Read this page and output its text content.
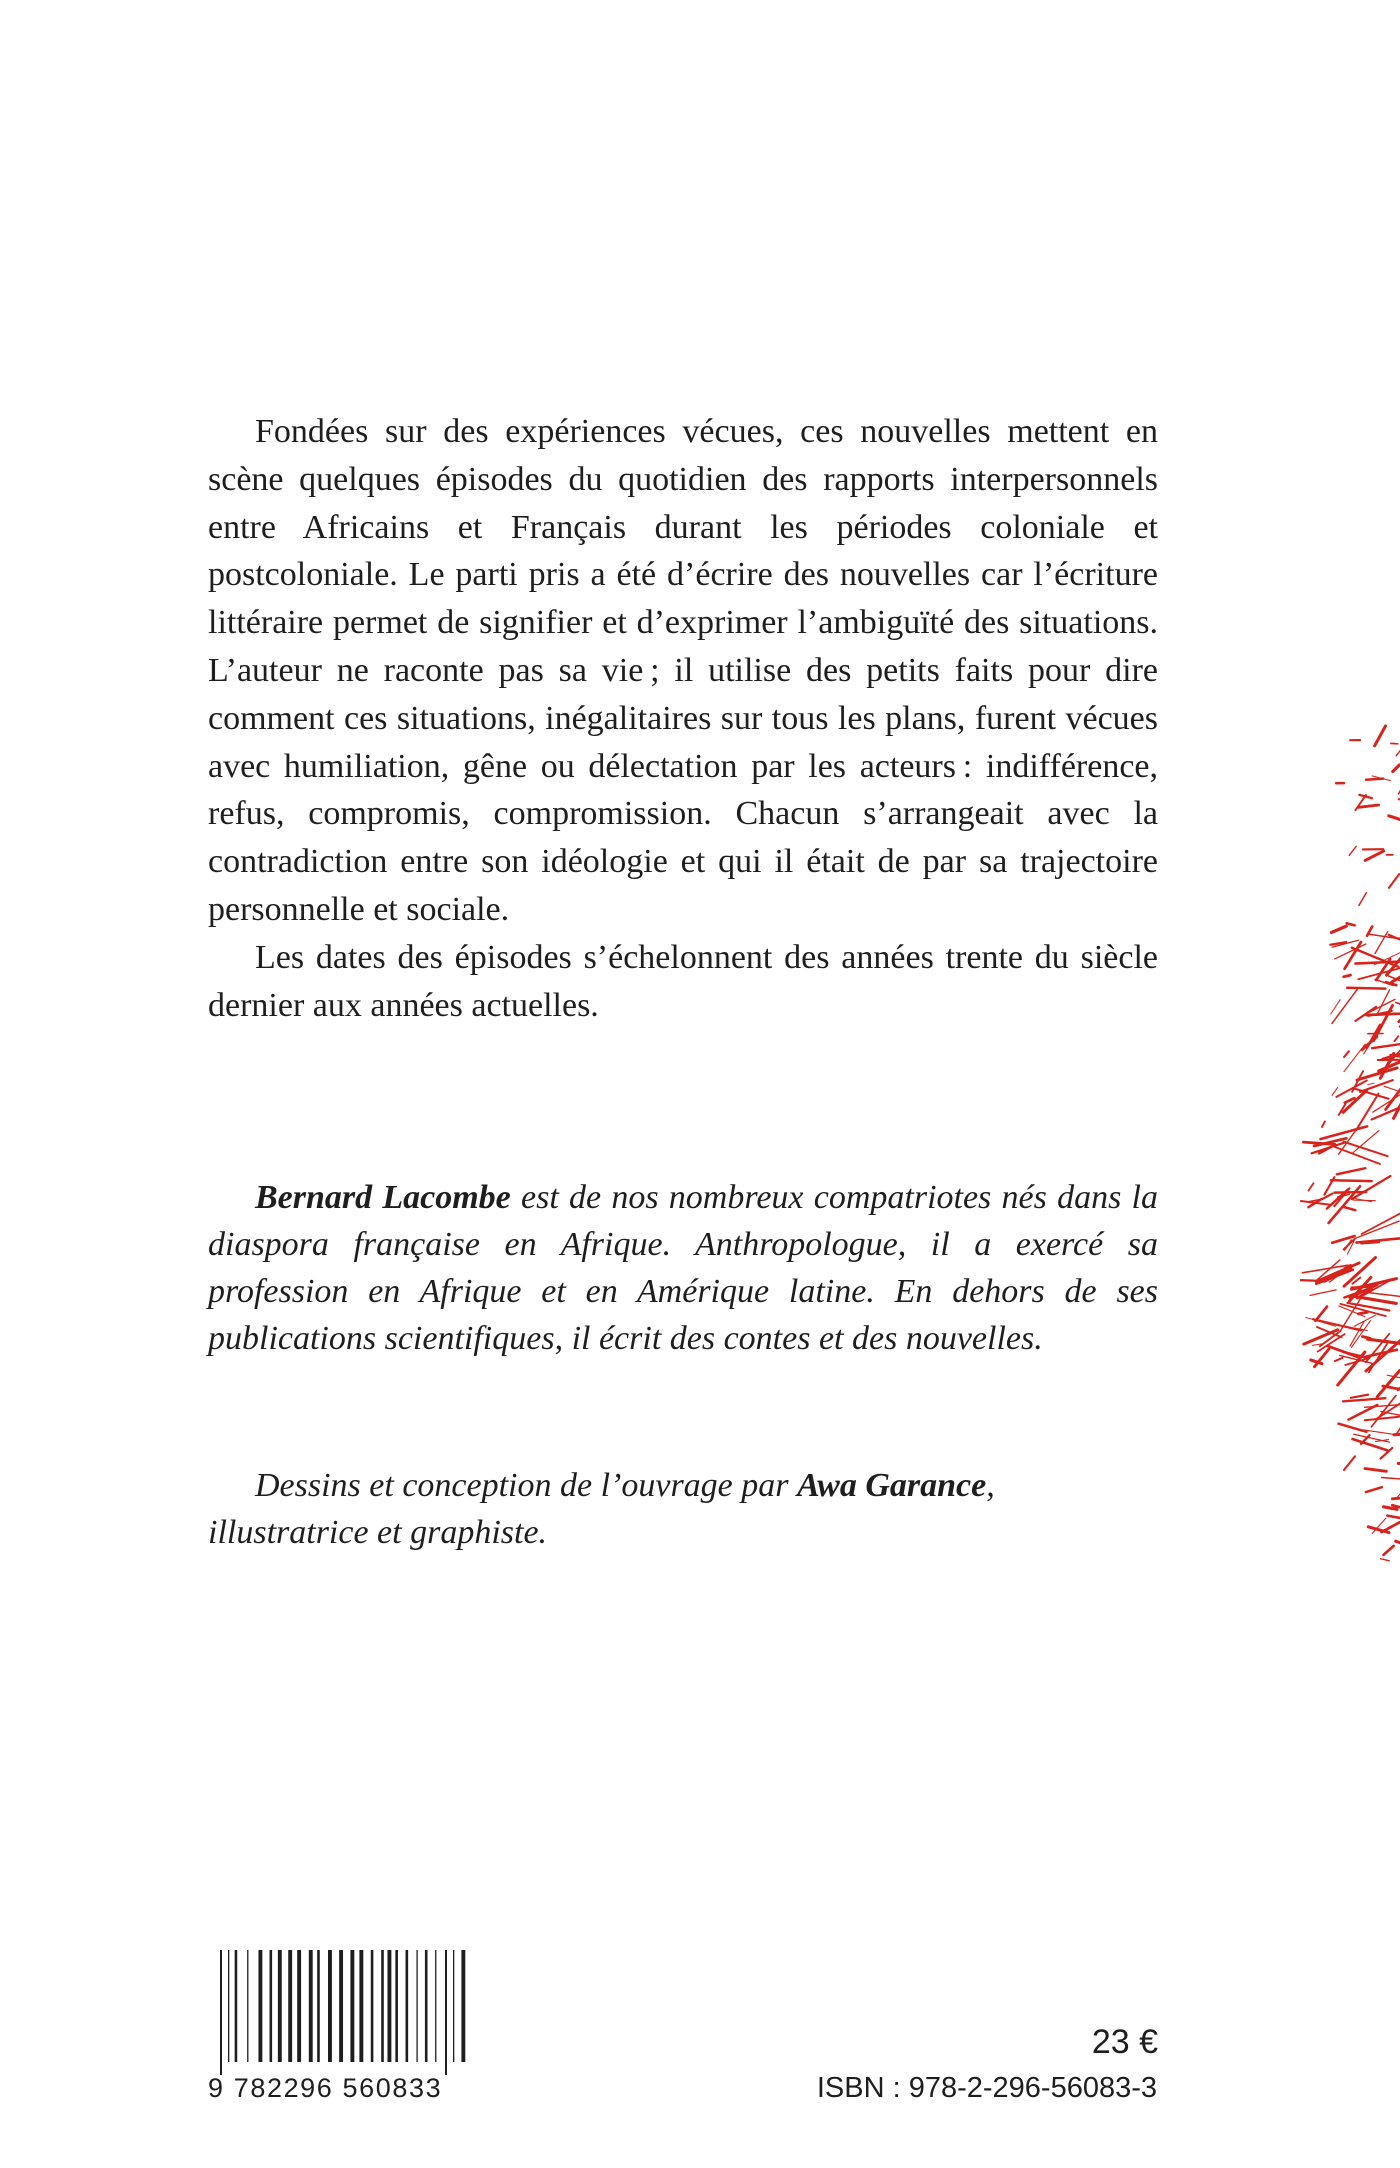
Fondées sur des expériences vécues, ces nouvelles mettent en scène quelques épisodes du quotidien des rapports interpersonnels entre Africains et Français durant les périodes coloniale et postcoloniale. Le parti pris a été d’écrire des nouvelles car l’écriture littéraire permet de signifier et d’exprimer l’ambiguïté des situations. L’auteur ne raconte pas sa vie ; il utilise des petits faits pour dire comment ces situations, inégalitaires sur tous les plans, furent vécues avec humiliation, gêne ou délectation par les acteurs : indifférence, refus, compromis, compromission. Chacun s’arrangeait avec la contradiction entre son idéologie et qui il était de par sa trajectoire personnelle et sociale.

Les dates des épisodes s’échelonnent des années trente du siècle dernier aux années actuelles.

Bernard Lacombe est de nos nombreux compatriotes nés dans la diaspora française en Afrique. Anthropologue, il a exercé sa profession en Afrique et en Amérique latine. En dehors de ses publications scientifiques, il écrit des contes et des nouvelles.

Dessins et conception de l’ouvrage par Awa Garance, illustratrice et graphiste.

9 782296 560833
23 €
ISBN : 978-2-296-56083-3
